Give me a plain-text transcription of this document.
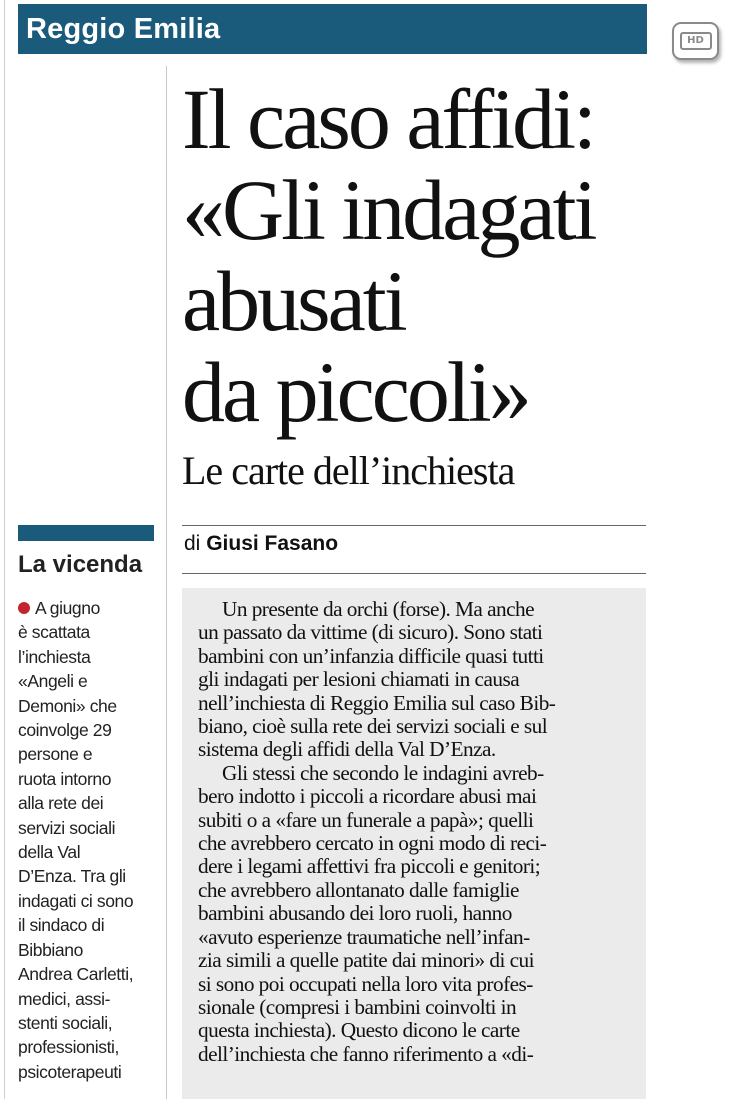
Reggio Emilia	HD
Il caso affidi:
«Gli indagati
abusati
da piccoli»
Le carte dell’inchiesta
di Giusi Fasano
La vicenda
A giugno
è scattata
l’inchiesta
«Angeli e
Demoni» che
coinvolge 29
persone e
ruota intorno
alla rete dei
servizi sociali
della Val
D’Enza. Tra gli
indagati ci sono
il sindaco di
Bibbiano
Andrea Carletti,
medici, assi-
stenti sociali,
professionisti,
psicoterapeuti
Un presente da orchi (forse). Ma anche
un passato da vittime (di sicuro). Sono stati
bambini con un’infanzia difficile quasi tutti
gli indagati per lesioni chiamati in causa
nell’inchiesta di Reggio Emilia sul caso Bib-
biano, cioè sulla rete dei servizi sociali e sul
sistema degli affidi della Val D’Enza.
Gli stessi che secondo le indagini avreb-
bero indotto i piccoli a ricordare abusi mai
subiti o a «fare un funerale a papà»; quelli
che avrebbero cercato in ogni modo di reci-
dere i legami affettivi fra piccoli e genitori;
che avrebbero allontanato dalle famiglie
bambini abusando dei loro ruoli, hanno
«avuto esperienze traumatiche nell’infan-
zia simili a quelle patite dai minori» di cui
si sono poi occupati nella loro vita profes-
sionale (compresi i bambini coinvolti in
questa inchiesta). Questo dicono le carte
dell’inchiesta che fanno riferimento a «di-
